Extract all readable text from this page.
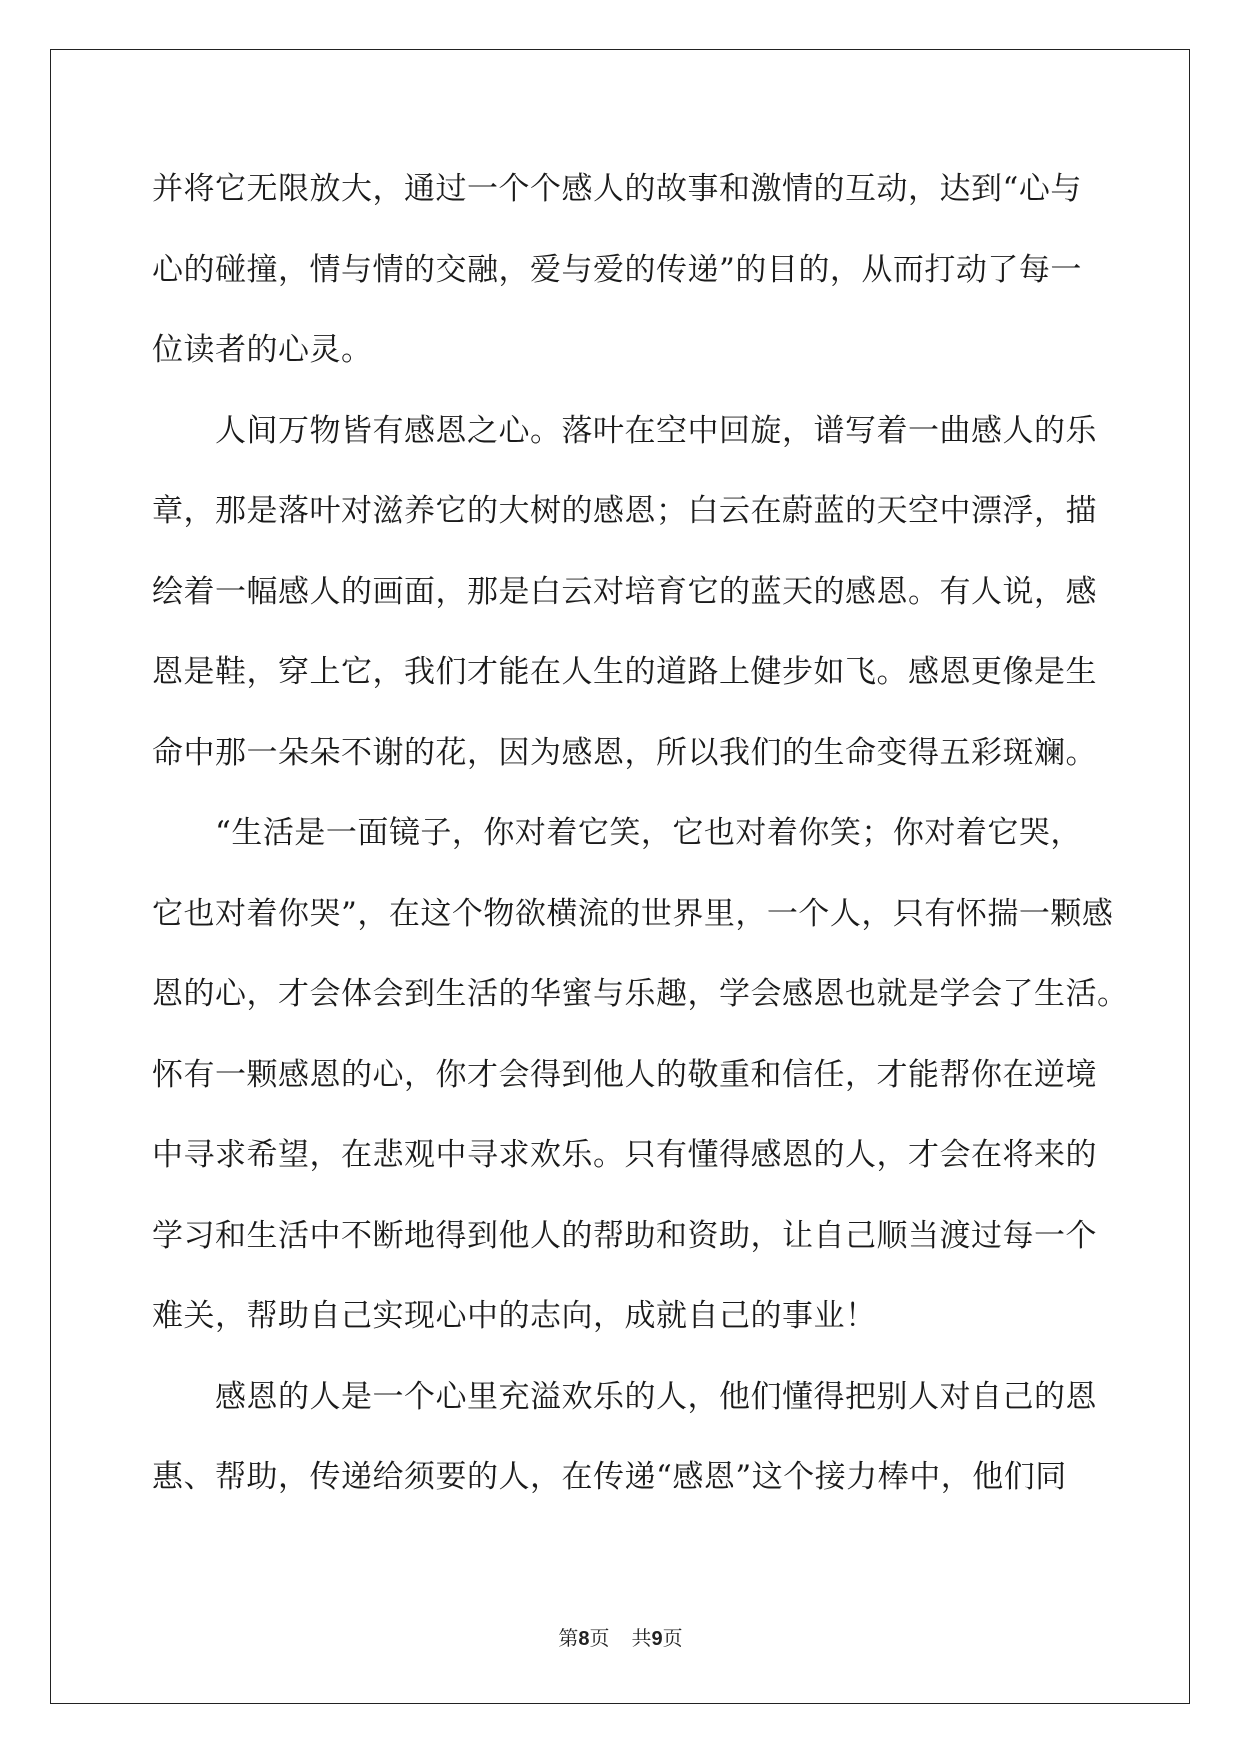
并将它无限放大，通过一个个感人的故事和激情的互动，达到“心与
心的碰撞，情与情的交融，爱与爱的传递”的目的，从而打动了每一
位读者的心灵。
　　人间万物皆有感恩之心。落叶在空中回旋，谱写着一曲感人的乐
章，那是落叶对滋养它的大树的感恩；白云在蔚蓝的天空中漂浮，描
绘着一幅感人的画面，那是白云对培育它的蓝天的感恩。有人说，感
恩是鞋，穿上它，我们才能在人生的道路上健步如飞。感恩更像是生
命中那一朵朵不谢的花，因为感恩，所以我们的生命变得五彩斑斓。
　　“生活是一面镜子，你对着它笑，它也对着你笑；你对着它哭，
它也对着你哭”，在这个物欲横流的世界里，一个人，只有怀揣一颗感
恩的心，才会体会到生活的华蜜与乐趣，学会感恩也就是学会了生活。
怀有一颗感恩的心，你才会得到他人的敬重和信任，才能帮你在逆境
中寻求希望，在悲观中寻求欢乐。只有懂得感恩的人，才会在将来的
学习和生活中不断地得到他人的帮助和资助，让自己顺当渡过每一个
难关，帮助自己实现心中的志向，成就自己的事业！
　　感恩的人是一个心里充溢欢乐的人，他们懂得把别人对自己的恩
惠、帮助，传递给须要的人，在传递“感恩”这个接力棒中，他们同
第8页 共9页
